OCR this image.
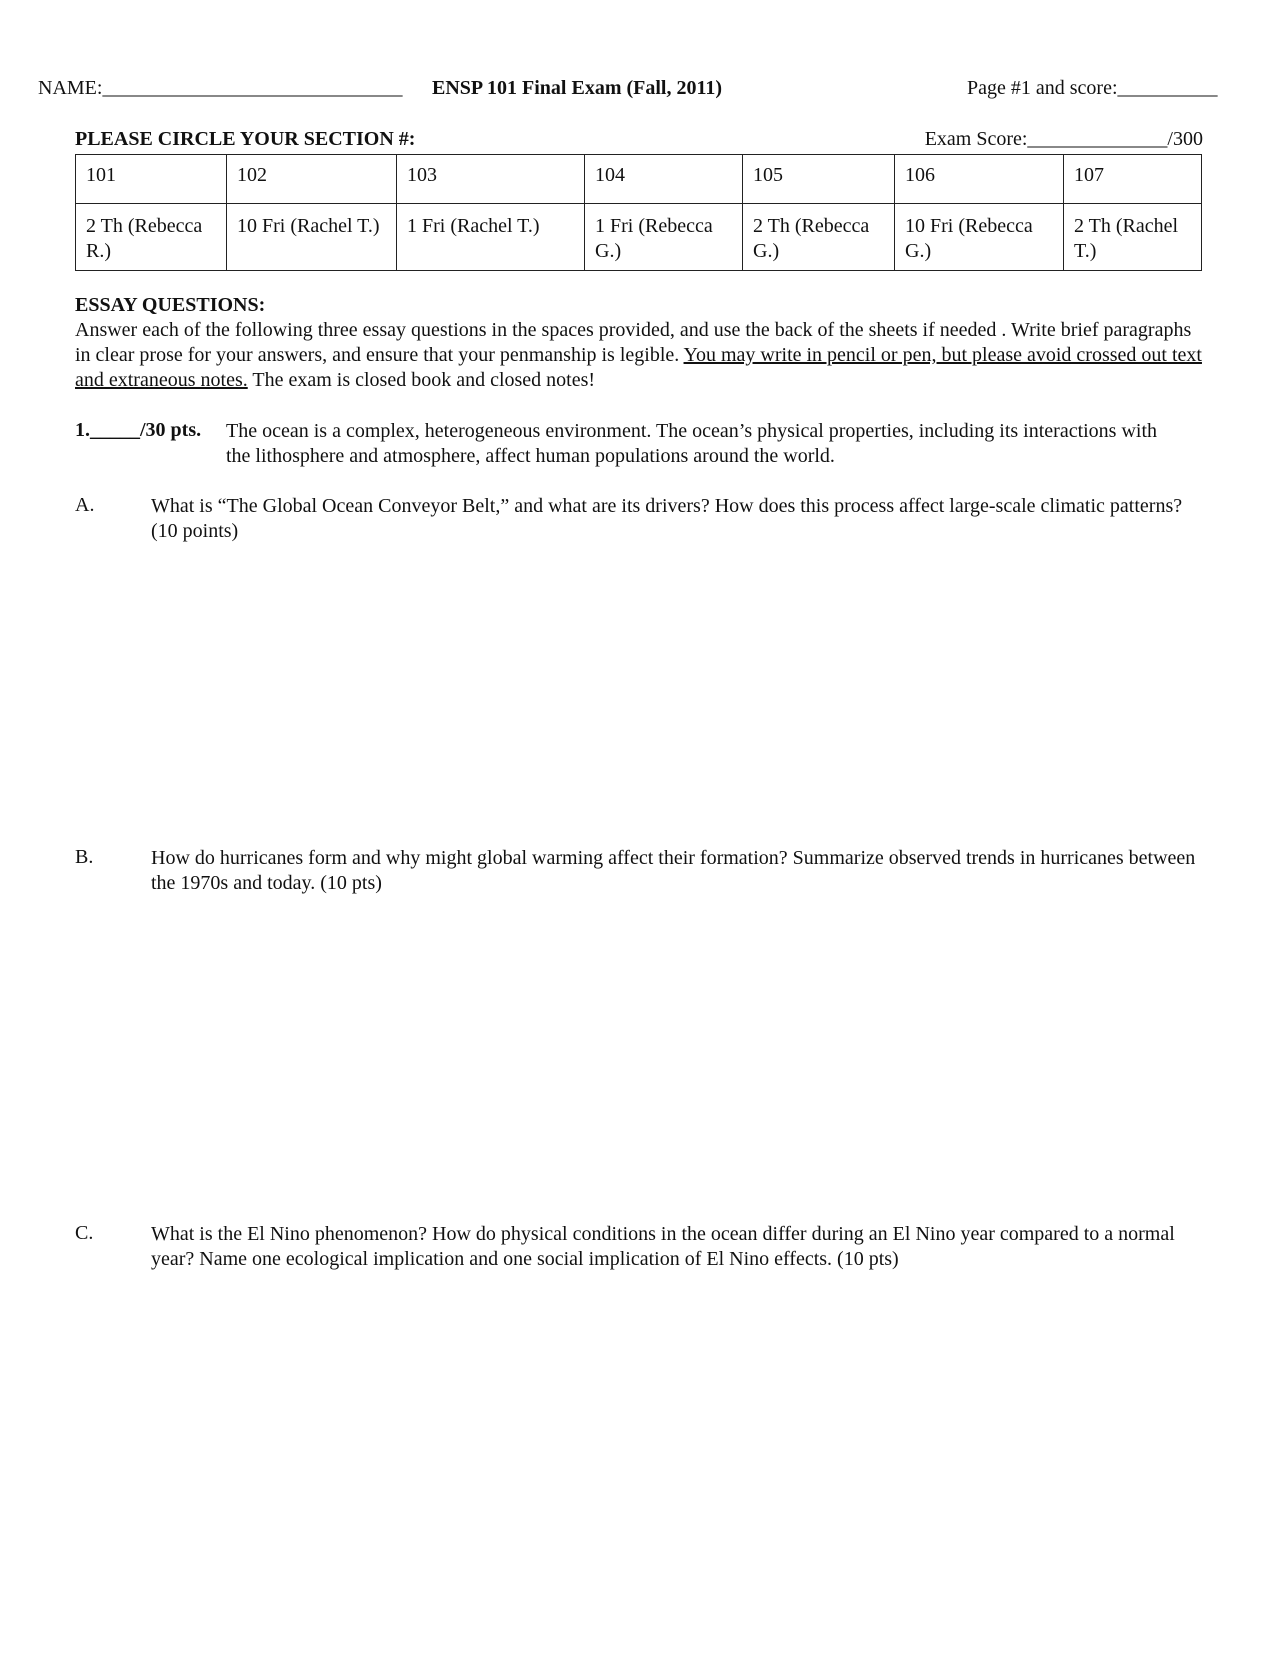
NAME:______________________________ ENSP 101 Final Exam (Fall, 2011)	Page #1 and score:__________
PLEASE CIRCLE YOUR SECTION #:	Exam Score:______________/300
101	102	103	104	105	106	107
2 Th (Rebecca R.)	10 Fri (Rachel T.)	1 Fri (Rachel T.)	1 Fri (Rebecca G.)	2 Th (Rebecca G.)	10 Fri (Rebecca G.)	2 Th (Rachel T.)
ESSAY QUESTIONS:
Answer each of the following three essay questions in the spaces provided, and use the back of the sheets if needed . Write brief paragraphs in clear prose for your answers, and ensure that your penmanship is legible. You may write in pencil or pen, but please avoid crossed out text and extraneous notes. The exam is closed book and closed notes!
1._____/30 pts. The ocean is a complex, heterogeneous environment. The ocean’s physical properties, including its interactions with the lithosphere and atmosphere, affect human populations around the world.
A.	What is “The Global Ocean Conveyor Belt,” and what are its drivers? How does this process affect large-scale climatic patterns? (10 points)
B.	How do hurricanes form and why might global warming affect their formation? Summarize observed trends in hurricanes between the 1970s and today. (10 pts)
C.	What is the El Nino phenomenon? How do physical conditions in the ocean differ during an El Nino year compared to a normal year? Name one ecological implication and one social implication of El Nino effects. (10 pts)
